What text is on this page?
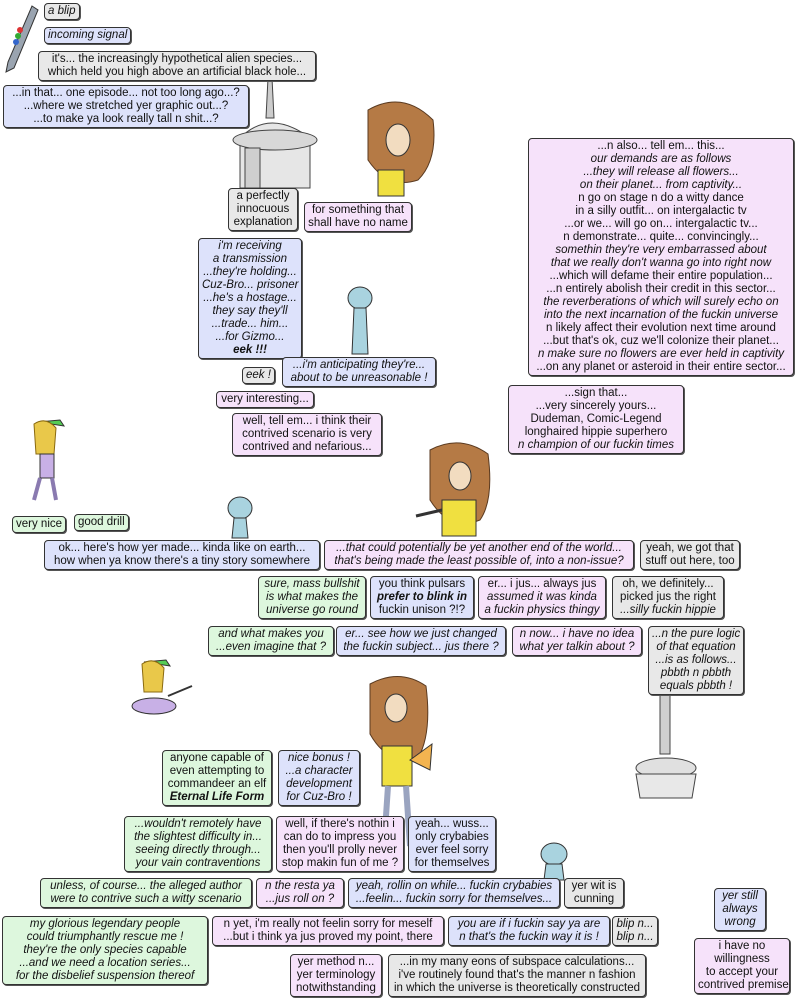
a blip
incoming signal
it's... the increasingly hypothetical alien species...
which held you high above an artificial black hole...
...in that... one episode... not too long ago...?
...where we stretched yer graphic out...?
...to make ya look really tall n shit...?
a perfectly
innocuous
explanation
for something that
shall have no name
i'm receiving
a transmission
...they're holding...
Cuz-Bro... prisoner
...he's a hostage...
they say they'll
...trade... him...
...for Gizmo...
eek !!!
eek !
...i'm anticipating they're...
about to be unreasonable !
very interesting...
well, tell em... i think their
contrived scenario is very
contrived and nefarious...
...n also... tell em... this...
our demands are as follows
...they will release all flowers...
on their planet... from captivity...
n go on stage n do a witty dance
in a silly outfit... on intergalactic tv
...or we... will go on... intergalactic tv...
n demonstrate... quite... convincingly...
somethin they're very embarrassed about
that we really don't wanna go into right now
...which will defame their entire population...
...n entirely abolish their credit in this sector...
the reverberations of which will surely echo on
into the next incarnation of the fuckin universe
n likely affect their evolution next time around
...but that's ok, cuz we'll colonize their planet...
n make sure no flowers are ever held in captivity
...on any planet or asteroid in their entire sector...
...sign that...
...very sincerely yours...
Dudeman, Comic-Legend
longhaired hippie superhero
n champion of our fuckin times
very nice good drill
ok... here's how yer made... kinda like on earth...
how when ya know there's a tiny story somewhere
...that could potentially be yet another end of the world...
that's being made the least possible of, into a non-issue?
yeah, we got that
stuff out here, too
sure, mass bullshit
is what makes the
universe go round
you think pulsars
prefer to blink in
fuckin unison ?!?
er... i jus... always jus
assumed it was kinda
a fuckin physics thingy
oh, we definitely...
picked jus the right
...silly fuckin hippie
and what makes you
...even imagine that ?
er... see how we just changed
the fuckin subject... jus there ?
n now... i have no idea
what yer talkin about ?
...n the pure logic
of that equation
...is as follows...
pbbth n pbbth
equals pbbth !
anyone capable of
even attempting to
commandeer an elf
Eternal Life Form
nice bonus !
...a character
development
for Cuz-Bro !
...wouldn't remotely have
the slightest difficulty in...
seeing directly through...
your vain contraventions
well, if there's nothin i
can do to impress you
then you'll prolly never
stop makin fun of me ?
yeah... wuss...
only crybabies
ever feel sorry
for themselves
unless, of course... the alleged author
were to contrive such a witty scenario
n the resta ya
...jus roll on ?
yeah, rollin on while... fuckin crybabies
...feelin... fuckin sorry for themselves...
yer wit is
cunning	yer still
always
wrong
my glorious legendary people
could triumphantly rescue me !
they're the only species capable
...and we need a location series...
for the disbelief suspension thereof
n yet, i'm really not feelin sorry for meself
...but i think ya jus proved my point, there
you are if i fuckin say ya are
n that's the fuckin way it is !
blip n...
blip n...
i have no
willingness
to accept your
contrived premise
yer method n...
yer terminology
notwithstanding
...in my many eons of subspace calculations...
i've routinely found that's the manner n fashion
in which the universe is theoretically constructed
